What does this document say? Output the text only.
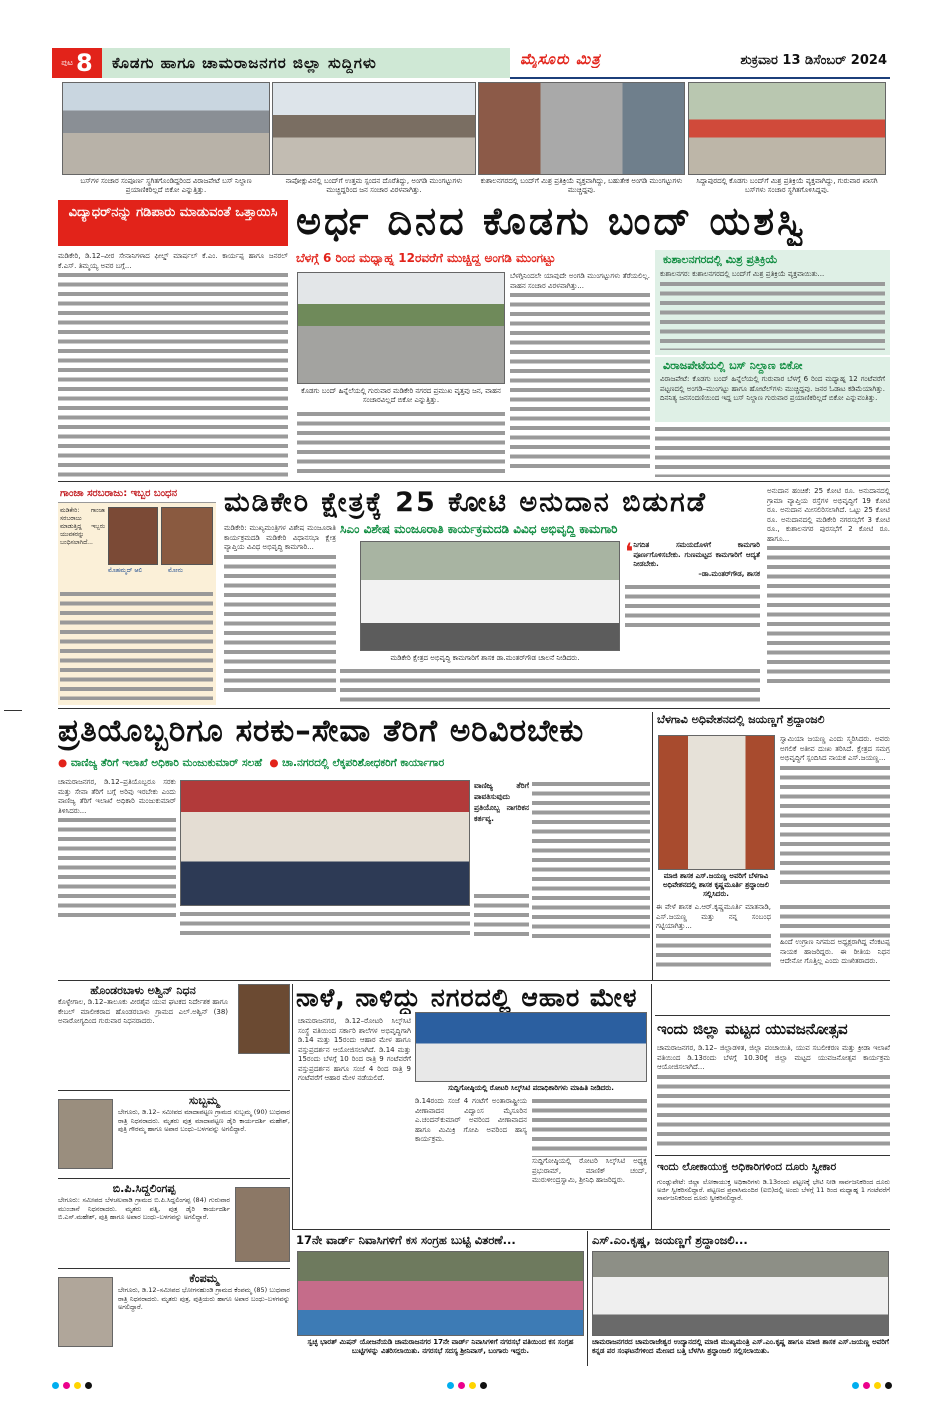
ಪುಟ 8	ಕೊಡಗು ಹಾಗೂ ಚಾಮರಾಜನಗರ ಜಿಲ್ಲಾ ಸುದ್ದಿಗಳು	ಮೈಸೂರು ಮಿತ್ರ	ಶುಕ್ರವಾರ 13 ಡಿಸೆಂಬರ್ 2024
ಬಸ್‌ಗಳ ಸಂಚಾರ ಸಂಪೂರ್ಣ ಸ್ಥಗಿತಗೊಂಡಿದ್ದರಿಂದ ವಿರಾಜಪೇಟೆ ಬಸ್ ನಿಲ್ದಾಣ ಪ್ರಯಾಣಿಕರಿಲ್ಲದೆ ಬಿಕೋ ಎನ್ನುತ್ತಿತ್ತು.
ನಾಪೋಕ್ಲುವಿನಲ್ಲಿ ಬಂದ್‌ಗೆ ಉತ್ತಮ ಸ್ಪಂದನ ದೊರೆತಿದ್ದು, ಅಂಗಡಿ ಮುಂಗಟ್ಟುಗಳು ಮುಚ್ಚಿದ್ದರಿಂದ ಜನ ಸಂಚಾರ ವಿರಳವಾಗಿತ್ತು.
ಕುಶಾಲನಗರದಲ್ಲಿ ಬಂದ್‌ಗೆ ಮಿಶ್ರ ಪ್ರತಿಕ್ರಿಯೆ ವ್ಯಕ್ತವಾಗಿದ್ದು, ಬಹುತೇಕ ಅಂಗಡಿ ಮುಂಗಟ್ಟುಗಳು ಮುಚ್ಚಿದ್ದವು.
ಸಿದ್ದಾಪುರದಲ್ಲಿ ಕೊಡಗು ಬಂದ್‌ಗೆ ಮಿಶ್ರ ಪ್ರತಿಕ್ರಿಯೆ ವ್ಯಕ್ತವಾಗಿದ್ದು, ಗುರುವಾರ ಖಾಸಗಿ ಬಸ್‌ಗಳು ಸಂಚಾರ ಸ್ಥಗಿತಗೊಳಿಸಿದ್ದವು.
ವಿದ್ಯಾಧರ್‌ನನ್ನು ಗಡಿಪಾರು ಮಾಡುವಂತೆ ಒತ್ತಾಯಿಸಿ
ಮಡಿಕೇರಿ, ಡಿ.12–ವೀರ ಸೇನಾನಿಗಳಾದ ಫೀಲ್ಡ್ ಮಾರ್ಷಲ್ ಕೆ.ಎಂ. ಕಾರ್ಯಪ್ಪ ಹಾಗೂ ಜನರಲ್ ಕೆ.ಎಸ್. ತಿಮ್ಮಯ್ಯ ಅವರ ಬಗ್ಗೆ...
ಅರ್ಧ ದಿನದ ಕೊಡಗು ಬಂದ್ ಯಶಸ್ವಿ
ಬೆಳಗ್ಗೆ 6 ರಿಂದ ಮಧ್ಯಾಹ್ನ 12ರವರೆಗೆ ಮುಚ್ಚಿದ್ದ ಅಂಗಡಿ ಮುಂಗಟ್ಟು
ಕೊಡಗು ಬಂದ್ ಹಿನ್ನೆಲೆಯಲ್ಲಿ ಗುರುವಾರ ಮಡಿಕೇರಿ ನಗರದ ಪ್ರಮುಖ ವೃತ್ತವು ಜನ, ವಾಹನ ಸಂಚಾರವಿಲ್ಲದೆ ಬಿಕೋ ಎನ್ನುತ್ತಿತ್ತು.
ಬೆಳಗ್ಗಿನಿಂದಲೇ ಯಾವುದೇ ಅಂಗಡಿ ಮುಂಗಟ್ಟುಗಳು ತೆರೆಯಲಿಲ್ಲ. ವಾಹನ ಸಂಚಾರ ವಿರಳವಾಗಿತ್ತು...
ಕುಶಾಲನಗರದಲ್ಲಿ ಮಿಶ್ರ ಪ್ರತಿಕ್ರಿಯೆ
ಕುಶಾಲನಗರ: ಕುಶಾಲನಗರದಲ್ಲಿ ಬಂದ್‌ಗೆ ಮಿಶ್ರ ಪ್ರತಿಕ್ರಿಯೆ ವ್ಯಕ್ತವಾಯಿತು...
ವಿರಾಜಪೇಟೆಯಲ್ಲಿ ಬಸ್ ನಿಲ್ದಾಣ ಬಿಕೋ
ವಿರಾಜಪೇಟೆ: ಕೊಡಗು ಬಂದ್ ಹಿನ್ನೆಲೆಯಲ್ಲಿ ಗುರುವಾರ ಬೆಳಗ್ಗೆ 6 ರಿಂದ ಮಧ್ಯಾಹ್ನ 12 ಗಂಟೆವರೆಗೆ ಪಟ್ಟಣದಲ್ಲಿ ಅಂಗಡಿ–ಮುಂಗಟ್ಟು ಹಾಗೂ ಹೋಟೆಲ್‌ಗಳು ಮುಚ್ಚಿದ್ದವು. ಜನರ ಓಡಾಟ ಕಡಿಮೆಯಾಗಿತ್ತು. ದಿನನಿತ್ಯ ಜನಸಂದಣಿಯಿಂದ ಇದ್ದ ಬಸ್ ನಿಲ್ದಾಣ ಗುರುವಾರ ಪ್ರಯಾಣಿಕರಿಲ್ಲದೆ ಬಿಕೋ ಎನ್ನುವಂತಿತ್ತು.
ಗಾಂಜಾ ಸರಬರಾಜು: ಇಬ್ಬರ ಬಂಧನ
ಮಡಿಕೇರಿ: ಗಾಂಜಾ ಸರಬರಾಜು ಮಾಡುತ್ತಿದ್ದ ಇಬ್ಬರು ಯುವಕರನ್ನು ಬಂಧಿಸಲಾಗಿದೆ...
ಮೊಹಮ್ಮದ್ ಆಲಿ	ಮೋನು
ಮಡಿಕೇರಿ ಕ್ಷೇತ್ರಕ್ಕೆ 25 ಕೋಟಿ ಅನುದಾನ ಬಿಡುಗಡೆ
ಸಿಎಂ ವಿಶೇಷ ಮಂಜೂರಾತಿ ಕಾರ್ಯಕ್ರಮದಡಿ ವಿವಿಧ ಅಭಿವೃದ್ಧಿ ಕಾಮಗಾರಿ
ಮಡಿಕೇರಿ: ಮುಖ್ಯಮಂತ್ರಿಗಳ ವಿಶೇಷ ಮಂಜೂರಾತಿ ಕಾರ್ಯಕ್ರಮದಡಿ ಮಡಿಕೇರಿ ವಿಧಾನಸಭಾ ಕ್ಷೇತ್ರ ವ್ಯಾಪ್ತಿಯ ವಿವಿಧ ಅಭಿವೃದ್ಧಿ ಕಾಮಗಾರಿ...
ಮಡಿಕೇರಿ ಕ್ಷೇತ್ರದ ಅಭಿವೃದ್ಧಿ ಕಾಮಗಾರಿಗೆ ಶಾಸಕ ಡಾ.ಮಂತರ್‌ಗೌಡ ಚಾಲನೆ ನೀಡಿದರು.
❛ ನಿಗದಿತ ಸಮಯದೊಳಗೆ ಕಾಮಗಾರಿ ಪೂರ್ಣಗೊಳಿಸಬೇಕು. ಗುಣಮಟ್ಟದ ಕಾಮಗಾರಿಗೆ ಆದ್ಯತೆ ನೀಡಬೇಕು.
–ಡಾ.ಮಂತರ್‌ಗೌಡ, ಶಾಸಕ
ಅನುದಾನ ಹಂಚಿಕೆ: 25 ಕೋಟಿ ರೂ. ಅನುದಾನದಲ್ಲಿ ಗ್ರಾಮಾ ವ್ಯಾಪ್ತಿಯ ರಸ್ತೆಗಳ ಅಭಿವೃದ್ಧಿಗೆ 19 ಕೋಟಿ ರೂ. ಅನುದಾನ ಮೀಸಲಿರಿಸಲಾಗಿದೆ. ಒಟ್ಟು 25 ಕೋಟಿ ರೂ. ಅನುದಾನದಲ್ಲಿ ಮಡಿಕೇರಿ ನಗರಸಭೆಗೆ 3 ಕೋಟಿ ರೂ., ಕುಶಾಲನಗರ ಪುರಸಭೆಗೆ 2 ಕೋಟಿ ರೂ. ಹಾಗೂ...
ಪ್ರತಿಯೊಬ್ಬರಿಗೂ ಸರಕು–ಸೇವಾ ತೆರಿಗೆ ಅರಿವಿರಬೇಕು
● ವಾಣಿಜ್ಯ ತೆರಿಗೆ ಇಲಾಖೆ ಅಧಿಕಾರಿ ಮಂಜುಕುಮಾರ್ ಸಲಹೆ ● ಚಾ.ನಗರದಲ್ಲಿ ಲೆಕ್ಕಪರಿಶೋಧಕರಿಗೆ ಕಾರ್ಯಾಗಾರ
ಚಾಮರಾಜನಗರ, ಡಿ.12–ಪ್ರತಿಯೊಬ್ಬರೂ ಸರಕು ಮತ್ತು ಸೇವಾ ತೆರಿಗೆ ಬಗ್ಗೆ ಅರಿವು ಇರಬೇಕು ಎಂದು ವಾಣಿಜ್ಯ ತೆರಿಗೆ ಇಲಾಖೆ ಅಧಿಕಾರಿ ಮಂಜುಕುಮಾರ್ ತಿಳಿಸಿದರು...
ವಾಣಿಜ್ಯ ತೆರಿಗೆ ಪಾವತಿಸುವುದು ಪ್ರತಿಯೊಬ್ಬ ನಾಗರಿಕನ ಕರ್ತವ್ಯ.
ಬೆಳಗಾವಿ ಅಧಿವೇಶನದಲ್ಲಿ ಜಯಣ್ಣಗೆ ಶ್ರದ್ಧಾಂಜಲಿ
ಮಾಜಿ ಶಾಸಕ ಎಸ್.ಜಯಣ್ಣ ಅವರಿಗೆ ಬೆಳಗಾವಿ ಅಧಿವೇಶನದಲ್ಲಿ ಶಾಸಕ ಕೃಷ್ಣಮೂರ್ತಿ ಶ್ರದ್ಧಾಂಜಲಿ ಸಲ್ಲಿಸಿದರು.
ಸ್ವಾಮಿಯಾ ಜಯಣ್ಣ ಎಂದು ಸ್ಮರಿಸಿದರು. ಅವರು ಅಗಲಿಕೆ ಅತೀವ ದುಃಖ ತರಿಸಿದೆ. ಕ್ಷೇತ್ರದ ಸಮಗ್ರ ಅಭಿವೃದ್ಧಿಗೆ ಸ್ಪಂದಿಸಿದ ನಾಯಕ ಎಸ್.ಜಯಣ್ಣ...
ಈ ವೇಳೆ ಶಾಸಕ ಎ.ಆರ್.ಕೃಷ್ಣಮೂರ್ತಿ ಮಾತನಾಡಿ, ಎಸ್.ಜಯಣ್ಣ ಮತ್ತು ನನ್ನ ಸಂಬಂಧ ಗಟ್ಟಿಯಾಗಿತ್ತು...
ಹಿಂದೆ ಉಗ್ರಾಣ ನಿಗಮದ ಅಧ್ಯಕ್ಷರಾಗಿದ್ದ ವೆಂಕಟಪ್ಪ ನಾಯಕ ಹಾಜರಿದ್ದರು. ಈ ರೀತಿಯ ನಿಧನ ಆದೇನೋ ಗೊತ್ತಿಲ್ಲ ಎಂದು ದುಃಖಿತರಾದರು.
ಹೊಂಡರಬಾಳು ಅಶ್ವಿನ್ ನಿಧನ
ಕೊಳ್ಳೇಗಾಲ, ಡಿ.12–ತಾಲೂಕು ವೀರಶೈವ ಯುವ ಘಟಕದ ನಿರ್ದೇಶಕ ಹಾಗೂ ಕೇಬಲ್ ಮಾಲೀಕರಾದ ಹೊಂಡರಬಾಳು ಗ್ರಾಮದ ಎಲ್.ಅಶ್ವಿನ್ (38) ಅನಾರೋಗ್ಯದಿಂದ ಗುರುವಾರ ನಿಧನರಾದರು.
ಸುಬ್ಬಮ್ಮ
ಬೇಗೂರು, ಡಿ.12– ಸಮೀಪದ ಮಾದಾಪಟ್ಟಣ ಗ್ರಾಮದ ಸುಬ್ಬಮ್ಮ (90) ಬುಧವಾರ ರಾತ್ರಿ ನಿಧನರಾದರು. ಮೃತರು ಪುತ್ರ ಮಾದಾಪಟ್ಟಣ ಡೈರಿ ಕಾರ್ಯದರ್ಶಿ ಮಹೇಶ್, ಪುತ್ರಿ ಗೌರಮ್ಮ ಹಾಗೂ ಅಪಾರ ಬಂಧು–ಬಳಗವನ್ನು ಅಗಲಿದ್ದಾರೆ.
ಬಿ.ಪಿ.ಸಿದ್ದಲಿಂಗಪ್ಪ
ಬೇಗೂರು: ಸಮೀಪದ ಬೆಳಚಲವಾಡಿ ಗ್ರಾಮದ ಬಿ.ಪಿ.ಸಿದ್ದಲಿಂಗಪ್ಪ (84) ಗುರುವಾರ ಮುಂಜಾನೆ ನಿಧನರಾದರು. ಮೃತರು ಪತ್ನಿ, ಪುತ್ರ ಡೈರಿ ಕಾರ್ಯದರ್ಶಿ ಬಿ.ಎಸ್.ಮಹೇಶ್, ಪುತ್ರಿ ಹಾಗೂ ಅಪಾರ ಬಂಧು–ಬಳಗವನ್ನು ಅಗಲಿದ್ದಾರೆ.
ಕೆಂಪಮ್ಮ
ಬೇಗೂರು, ಡಿ.12–ಸಮೀಪದ ಭೋಗನಹುಂಡಿ ಗ್ರಾಮದ ಕೆಂಪಮ್ಮ (85) ಬುಧವಾರ ರಾತ್ರಿ ನಿಧನರಾದರು. ಮೃತರು ಪುತ್ರ, ಪುತ್ರಿಯರು ಹಾಗೂ ಅಪಾರ ಬಂಧು–ಬಳಗವನ್ನು ಅಗಲಿದ್ದಾರೆ.
ನಾಳೆ, ನಾಳಿದ್ದು ನಗರದಲ್ಲಿ ಆಹಾರ ಮೇಳ
ಚಾಮರಾಜನಗರ, ಡಿ.12–ರೋಟರಿ ಸಿಲ್ಕ್‌ಸಿಟಿ ಸಂಸ್ಥೆ ವತಿಯಿಂದ ಸರ್ಕಾರಿ ಶಾಲೆಗಳ ಅಭಿವೃದ್ಧಿಗಾಗಿ ಡಿ.14 ಮತ್ತು 15ರಂದು ಆಹಾರ ಮೇಳ ಹಾಗೂ ವಸ್ತುಪ್ರದರ್ಶನ ಆಯೋಜಿಸಲಾಗಿದೆ. ಡಿ.14 ಮತ್ತು 15ರಂದು ಬೆಳಗ್ಗೆ 10 ರಿಂದ ರಾತ್ರಿ 9 ಗಂಟೆವರೆಗೆ ವಸ್ತುಪ್ರದರ್ಶನ ಹಾಗೂ ಸಂಜೆ 4 ರಿಂದ ರಾತ್ರಿ 9 ಗಂಟೆವರೆಗೆ ಆಹಾರ ಮೇಳ ನಡೆಯಲಿದೆ.
ಸುದ್ದಿಗೋಷ್ಠಿಯಲ್ಲಿ ರೋಟರಿ ಸಿಲ್ಕ್‌ಸಿಟಿ ಪದಾಧಿಕಾರಿಗಳು ಮಾಹಿತಿ ನೀಡಿದರು.
ಡಿ.14ರಂದು ಸಂಜೆ 4 ಗಂಟೆಗೆ ಅಂತಾರಾಷ್ಟ್ರೀಯ ವೀಣಾವಾದನ ವಿದ್ವಾಂಸ ಮೈಸೂರಿನ ಎ.ಚಂದನ್‌ಕುಮಾರ್ ಅವರಿಂದ ವೀಣಾವಾದನ ಹಾಗೂ ಮಿಮಿಕ್ರಿ ಗೋಪಿ ಅವರಿಂದ ಹಾಸ್ಯ ಕಾರ್ಯಕ್ರಮ.
ಸುದ್ದಿಗೋಷ್ಠಿಯಲ್ಲಿ ರೋಟರಿ ಸಿಲ್ಕ್‌ಸಿಟಿ ಅಧ್ಯಕ್ಷ ಪ್ರಭುರಾಮ್, ಮಾಣಿಕ್ ಚಂದ್, ಮುರುಳೀಂದ್ರಸ್ವಾಮಿ, ಶ್ರೀನಿಧಿ ಹಾಜರಿದ್ದರು.
ಇಂದು ಜಿಲ್ಲಾ ಮಟ್ಟದ ಯುವಜನೋತ್ಸವ
ಚಾಮರಾಜನಗರ, ಡಿ.12– ಜಿಲ್ಲಾಡಳಿತ, ಜಿಲ್ಲಾ ಪಂಚಾಯಿತಿ, ಯುವ ಸಬಲೀಕರಣ ಮತ್ತು ಕ್ರೀಡಾ ಇಲಾಖೆ ವತಿಯಿಂದ ಡಿ.13ರಂದು ಬೆಳಗ್ಗೆ 10.30ಕ್ಕೆ ಜಿಲ್ಲಾ ಮಟ್ಟದ ಯುವಜನೋತ್ಸವ ಕಾರ್ಯಕ್ರಮ ಆಯೋಜಿಸಲಾಗಿದೆ...
ಇಂದು ಲೋಕಾಯುಕ್ತ ಅಧಿಕಾರಿಗಳಿಂದ ದೂರು ಸ್ವೀಕಾರ
ಗುಂಡ್ಲುಪೇಟೆ: ಜಿಲ್ಲಾ ಲೋಕಾಯುಕ್ತ ಅಧಿಕಾರಿಗಳು ಡಿ.13ರಂದು ಪಟ್ಟಣಕ್ಕೆ ಭೇಟಿ ನೀಡಿ ಸಾರ್ವಜನಿಕರಿಂದ ದೂರು ಅರ್ಜಿ ಸ್ವೀಕರಿಸಲಿದ್ದಾರೆ. ಪಟ್ಟಣದ ಪ್ರವಾಸಿಮಂದಿರ (ಐಬಿ)ದಲ್ಲಿ ಅಂದು ಬೆಳಗ್ಗೆ 11 ರಿಂದ ಮಧ್ಯಾಹ್ನ 1 ಗಂಟೆವರೆಗೆ ಸಾರ್ವಜನಿಕರಿಂದ ದೂರು ಸ್ವೀಕರಿಸಲಿದ್ದಾರೆ.
17ನೇ ವಾರ್ಡ್ ನಿವಾಸಿಗಳಿಗೆ ಕಸ ಸಂಗ್ರಹ ಬುಟ್ಟಿ ವಿತರಣೆ...
ಸ್ವಚ್ಛ ಭಾರತ್ ಮಿಷನ್ ಯೋಜನೆಯಡಿ ಚಾಮರಾಜನಗರ 17ನೇ ವಾರ್ಡ್ ನಿವಾಸಿಗಳಿಗೆ ನಗರಸಭೆ ವತಿಯಿಂದ ಕಸ ಸಂಗ್ರಹ ಬುಟ್ಟಿಗಳನ್ನು ವಿತರಿಸಲಾಯಿತು. ನಗರಸಭೆ ಸದಸ್ಯ ಶ್ರೀನಿವಾಸ್, ಬಂಗಾರು ಇದ್ದರು.
ಎಸ್.ಎಂ.ಕೃಷ್ಣ, ಜಯಣ್ಣಗೆ ಶ್ರದ್ಧಾಂಜಲಿ...
ಚಾಮರಾಜನಗರದ ಚಾಮರಾಜೇಶ್ವರ ಉದ್ಯಾನದಲ್ಲಿ ಮಾಜಿ ಮುಖ್ಯಮಂತ್ರಿ ಎಸ್.ಎಂ.ಕೃಷ್ಣ ಹಾಗೂ ಮಾಜಿ ಶಾಸಕ ಎಸ್.ಜಯಣ್ಣ ಅವರಿಗೆ ಕನ್ನಡ ಪರ ಸಂಘಟನೆಗಳಿಂದ ಮೇಣದ ಬತ್ತಿ ಬೆಳಗಿಸಿ ಶ್ರದ್ಧಾಂಜಲಿ ಸಲ್ಲಿಸಲಾಯಿತು.
